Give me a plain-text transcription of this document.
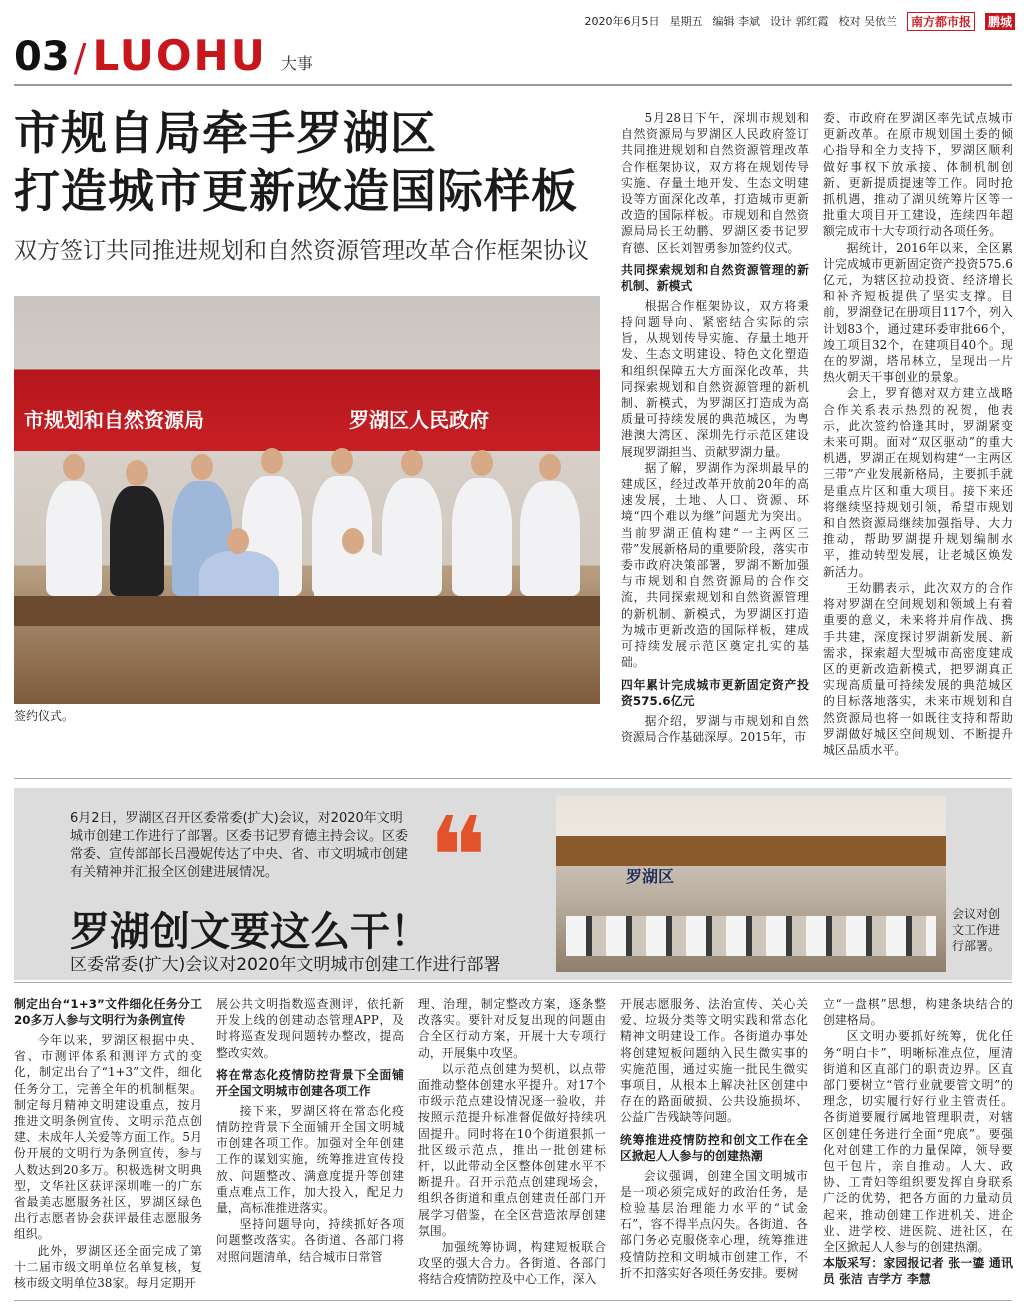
2020年6月5日 星期五 编辑 李斌 设计 郭红霞 校对 吴依兰	南方都市报	鹏城
03 / LUOHU 大事
市规自局牵手罗湖区
打造城市更新改造国际样板
双方签订共同推进规划和自然资源管理改革合作框架协议
市规划和自然资源局	罗湖区人民政府
签约仪式。

5月28日下午，深圳市规划和自然资源局与罗湖区人民政府签订共同推进规划和自然资源管理改革合作框架协议，双方将在规划传导实施、存量土地开发、生态文明建设等方面深化改革，打造城市更新改造的国际样板。市规划和自然资源局局长王幼鹏、罗湖区委书记罗育德、区长刘智勇参加签约仪式。

共同探索规划和自然资源管理的新机制、新模式

根据合作框架协议，双方将秉持问题导向、紧密结合实际的宗旨，从规划传导实施、存量土地开发、生态文明建设、特色文化塑造和组织保障五大方面深化改革，共同探索规划和自然资源管理的新机制、新模式，为罗湖区打造成为高质量可持续发展的典范城区，为粤港澳大湾区、深圳先行示范区建设展现罗湖担当、贡献罗湖力量。

据了解，罗湖作为深圳最早的建成区，经过改革开放前20年的高速发展，土地、人口、资源、环境“四个难以为继”问题尤为突出。当前罗湖正值构建“一主两区三带”发展新格局的重要阶段，落实市委市政府决策部署，罗湖不断加强与市规划和自然资源局的合作交流，共同探索规划和自然资源管理的新机制、新模式，为罗湖区打造为城市更新改造的国际样板，建成可持续发展示范区奠定扎实的基础。

四年累计完成城市更新固定资产投资575.6亿元

据介绍，罗湖与市规划和自然资源局合作基础深厚。2015年，市

委、市政府在罗湖区率先试点城市更新改革。在原市规划国土委的倾心指导和全力支持下，罗湖区顺利做好事权下放承接、体制机制创新、更新提质提速等工作。同时抢抓机遇，推动了湖贝统筹片区等一批重大项目开工建设，连续四年超额完成市十大专项行动各项任务。

据统计，2016年以来，全区累计完成城市更新固定资产投资575.6亿元，为辖区拉动投资、经济增长和补齐短板提供了坚实支撑。目前，罗湖登记在册项目117个，列入计划83个，通过建环委审批66个，竣工项目32个，在建项目40个。现在的罗湖，塔吊林立，呈现出一片热火朝天干事创业的景象。

会上，罗育德对双方建立战略合作关系表示热烈的祝贺，他表示，此次签约恰逢其时，罗湖紧变未来可期。面对“双区驱动”的重大机遇，罗湖正在规划构建“一主两区三带”产业发展新格局，主要抓手就是重点片区和重大项目。接下来还将继续坚持规划引领，希望市规划和自然资源局继续加强指导、大力推动，帮助罗湖提升规划编制水平，推动转型发展，让老城区焕发新活力。

王幼鹏表示，此次双方的合作将对罗湖在空间规划和领域上有着重要的意义，未来将并肩作战、携手共建，深度探讨罗湖新发展、新需求，探索超大型城市高密度建成区的更新改造新模式，把罗湖真正实现高质量可持续发展的典范城区的目标落地落实，未来市规划和自然资源局也将一如既往支持和帮助罗湖做好城区空间规划、不断提升城区品质水平。

6月2日，罗湖区召开区委常委(扩大)会议，对2020年文明城市创建工作进行了部署。区委书记罗育德主持会议。区委常委、宣传部部长吕漫妮传达了中央、省、市文明城市创建有关精神并汇报全区创建进展情况。	❝
罗湖创文要这么干！
区委常委(扩大)会议对2020年文明城市创建工作进行部署
罗湖区
会议对创文工作进行部署。
制定出台“1+3”文件细化任务分工20多万人参与文明行为条例宣传

今年以来，罗湖区根据中央、省、市测评体系和测评方式的变化，制定出台了“1+3”文件，细化任务分工，完善全年的机制框架。制定每月精神文明建设重点，按月推进文明条例宣传、文明示范点创建、未成年人关爱等方面工作。5月份开展的文明行为条例宣传，参与人数达到20多万。积极选树文明典型，文华社区获评深圳唯一的广东省最美志愿服务社区，罗湖区绿色出行志愿者协会获评最佳志愿服务组织。

此外，罗湖区还全面完成了第十二届市级文明单位名单复核，复核市级文明单位38家。每月定期开

展公共文明指数巡查测评，依托新开发上线的创建动态管理APP，及时将巡查发现问题转办整改，提高整改实效。

将在常态化疫情防控背景下全面铺开全国文明城市创建各项工作

接下来，罗湖区将在常态化疫情防控背景下全面铺开全国文明城市创建各项工作。加强对全年创建工作的谋划实施，统筹推进宣传投放、问题整改、满意度提升等创建重点难点工作，加大投入，配足力量，高标准推进落实。

坚持问题导向，持续抓好各项问题整改落实。各街道、各部门将对照问题清单，结合城市日常管

理、治理，制定整改方案，逐条整改落实。要针对反复出现的问题由合全区行动方案，开展十大专项行动，开展集中攻坚。

以示范点创建为契机，以点带面推动整体创建水平提升。对17个市级示范点建设情况逐一验收，并按照示范提升标准督促做好持续巩固提升。同时将在10个街道狠抓一批区级示范点，推出一批创建标杆，以此带动全区整体创建水平不断提升。召开示范点创建现场会，组织各街道和重点创建责任部门开展学习借鉴，在全区营造浓厚创建氛围。

加强统筹协调，构建短板联合攻坚的强大合力。各街道、各部门将结合疫情防控及中心工作，深入

开展志愿服务、法治宣传、关心关爱、垃圾分类等文明实践和常态化精神文明建设工作。各街道办事处将创建短板问题纳入民生微实事的实施范围，通过实施一批民生微实事项目，从根本上解决社区创建中存在的路面破损、公共设施损坏、公益广告残缺等问题。

统筹推进疫情防控和创文工作在全区掀起人人参与的创建热潮

会议强调，创建全国文明城市是一项必须完成好的政治任务，是检验基层治理能力水平的“试金石”，容不得半点闪失。各街道、各部门务必克服侥幸心理，统筹推进疫情防控和文明城市创建工作，不折不扣落实好各项任务安排。要树

立“一盘棋”思想，构建条块结合的创建格局。

区文明办要抓好统筹，优化任务“明白卡”，明晰标准点位，厘清街道和区直部门的职责边界。区直部门要树立“管行业就要管文明”的理念，切实履行好行业主管责任。各街道要履行属地管理职责，对辖区创建任务进行全面“兜底”。要强化对创建工作的力量保障，领导要包干包片，亲自推动。人大、政协、工青妇等组织要发挥自身联系广泛的优势，把各方面的力量动员起来，推动创建工作进机关、进企业、进学校、进医院、进社区，在全区掀起人人参与的创建热潮。

本版采写：家园报记者 张一鎏 通讯员 张洁 吉学方 李慧
